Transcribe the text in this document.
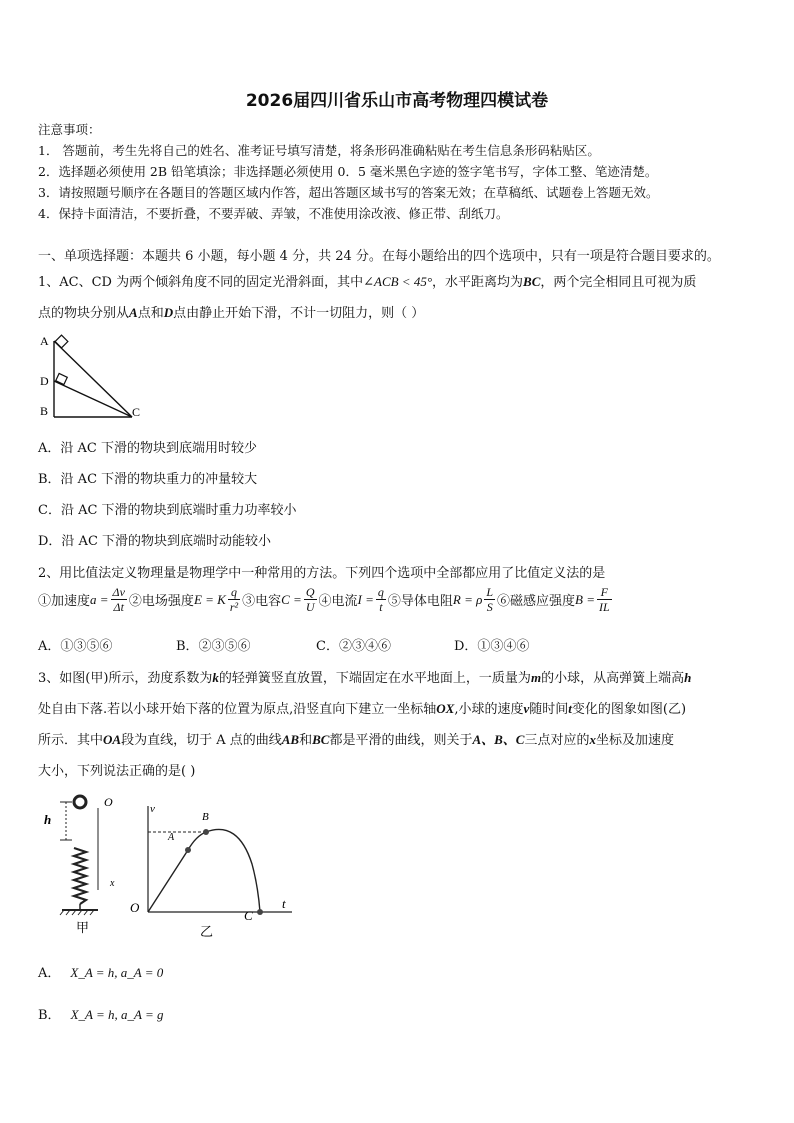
2026届四川省乐山市高考物理四模试卷
注意事项：
1． 答题前，考生先将自己的姓名、准考证号填写清楚，将条形码准确粘贴在考生信息条形码粘贴区。
2．选择题必须使用 2B 铅笔填涂；非选择题必须使用 0．5 毫米黑色字迹的签字笔书写，字体工整、笔迹清楚。
3．请按照题号顺序在各题目的答题区域内作答，超出答题区域书写的答案无效；在草稿纸、试题卷上答题无效。
4．保持卡面清洁，不要折叠，不要弄破、弄皱，不准使用涂改液、修正带、刮纸刀。
一、单项选择题：本题共 6 小题，每小题 4 分，共 24 分。在每小题给出的四个选项中，只有一项是符合题目要求的。
1、AC、CD 为两个倾斜角度不同的固定光滑斜面，其中∠ACB < 45°，水平距离均为BC，两个完全相同且可视为质
点的物块分别从A点和D点由静止开始下滑，不计一切阻力，则（ ）
A
D
B	C
A．沿 AC 下滑的物块到底端用时较少
B．沿 AC 下滑的物块重力的冲量较大
C．沿 AC 下滑的物块到底端时重力功率较小
D．沿 AC 下滑的物块到底端时动能较小
2、用比值法定义物理量是物理学中一种常用的方法。下列四个选项中全部都应用了比值定义法的是
①加速度 $a = \frac{\Delta v}{\Delta t}$ ②电场强度 E = K $\frac{q}{\text{r²}}$ ③电容 $C = \frac{Q}{U}$ ④电流 $I = \frac{q}{t}$ ⑤导体电阻 R = ρ $\frac{L}{S}$ ⑥磁感应强度 $B = \frac{F}{IL}$
A．①③⑤⑥	B．②③⑤⑥	C．②③④⑥	D．①③④⑥
3、如图(甲)所示，劲度系数为k的轻弹簧竖直放置，下端固定在水平地面上，一质量为m的小球，从高弹簧上端高h
处自由下落.若以小球开始下落的位置为原点,沿竖直向下建立一坐标轴OX,小球的速度v随时间t变化的图象如图(乙)
所示．其中OA段为直线，切于 A 点的曲线AB和BC都是平滑的曲线，则关于A、B、C三点对应的x坐标及加速度
大小，下列说法正确的是( )
h
O
x
甲
v
O
A
B
C
t
乙
A． X_A = h, a_A = 0
B． X_A = h, a_A = g
